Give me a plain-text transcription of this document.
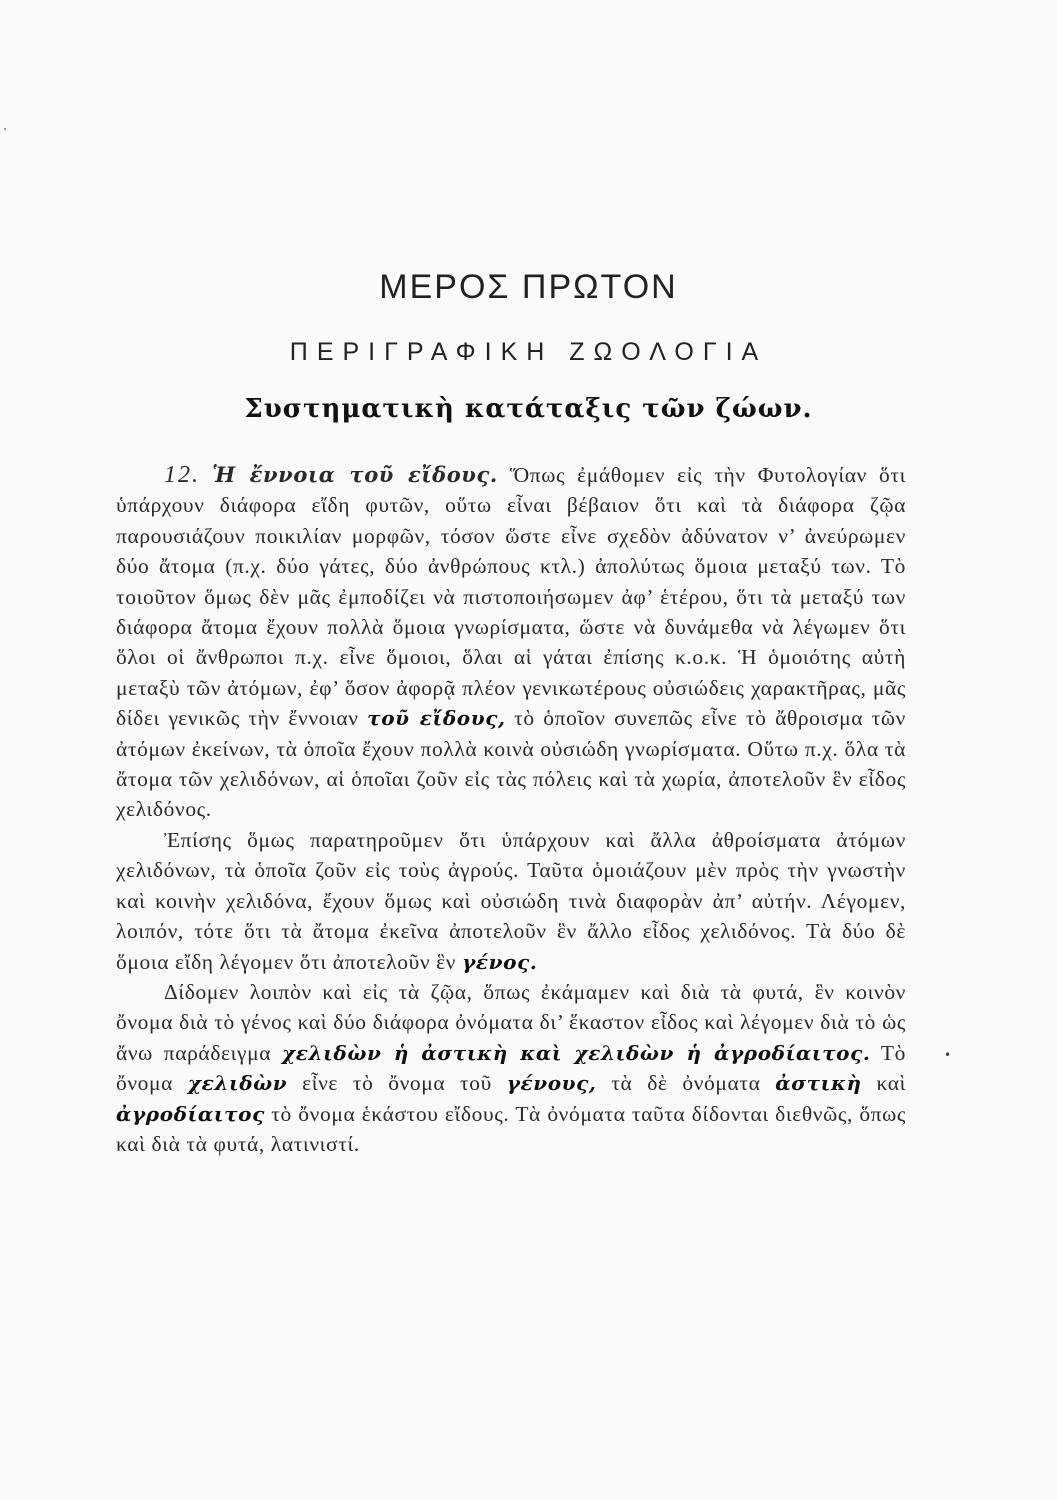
ΜΕΡΟΣ ΠΡΩΤΟΝ
ΠΕΡΙΓΡΑΦΙΚΗ ΖΩΟΛΟΓΙΑ
Συστηματικὴ κατάταξις τῶν ζώων.

12. Ἡ ἔννοια τοῦ εἴδους. Ὅπως ἐμάθομεν εἰς τὴν Φυτολογίαν ὅτι ὑπάρχουν διάφορα εἴδη φυτῶν, οὕτω εἶναι βέβαιον ὅτι καὶ τὰ διάφορα ζῷα παρουσιάζουν ποικιλίαν μορφῶν, τόσον ὥστε εἶνε σχεδὸν ἀδύνατον ν’ ἀνεύρωμεν δύο ἄτομα (π.χ. δύο γάτες, δύο ἀνθρώπους κτλ.) ἀπολύτως ὅμοια μεταξύ των. Τὸ τοιοῦτον ὅμως δὲν μᾶς ἐμποδίζει νὰ πιστοποιήσωμεν ἀφ’ ἑτέρου, ὅτι τὰ μεταξύ των διάφορα ἄτομα ἔχουν πολλὰ ὅμοια γνωρίσματα, ὥστε νὰ δυνάμεθα νὰ λέγωμεν ὅτι ὅλοι οἱ ἄνθρωποι π.χ. εἶνε ὅμοιοι, ὅλαι αἱ γάται ἐπίσης κ.ο.κ. Ἡ ὁμοιότης αὐτὴ μεταξὺ τῶν ἀτόμων, ἐφ’ ὅσον ἀφορᾷ πλέον γενικωτέρους οὐσιώδεις χαρακτῆρας, μᾶς δίδει γενικῶς τὴν ἔννοιαν τοῦ εἴδους, τὸ ὁποῖον συνεπῶς εἶνε τὸ ἄθροισμα τῶν ἀτόμων ἐκείνων, τὰ ὁποῖα ἔχουν πολλὰ κοινὰ οὐσιώδη γνωρίσματα. Οὕτω π.χ. ὅλα τὰ ἄτομα τῶν χελιδόνων, αἱ ὁποῖαι ζοῦν εἰς τὰς πόλεις καὶ τὰ χωρία, ἀποτελοῦν ἓν εἶδος χελιδόνος.

Ἐπίσης ὅμως παρατηροῦμεν ὅτι ὑπάρχουν καὶ ἄλλα ἀθροίσματα ἀτόμων χελιδόνων, τὰ ὁποῖα ζοῦν εἰς τοὺς ἀγρούς. Ταῦτα ὁμοιάζουν μὲν πρὸς τὴν γνωστὴν καὶ κοινὴν χελιδόνα, ἔχουν ὅμως καὶ οὐσιώδη τινὰ διαφορὰν ἀπ’ αὐτήν. Λέγομεν, λοιπόν, τότε ὅτι τὰ ἄτομα ἐκεῖνα ἀποτελοῦν ἓν ἄλλο εἶδος χελιδόνος. Τὰ δύο δὲ ὅμοια εἴδη λέγομεν ὅτι ἀποτελοῦν ἓν γένος.

Δίδομεν λοιπὸν καὶ εἰς τὰ ζῷα, ὅπως ἐκάμαμεν καὶ διὰ τὰ φυτά, ἓν κοινὸν ὄνομα διὰ τὸ γένος καὶ δύο διάφορα ὀνόματα δι’ ἕκαστον εἶδος καὶ λέγομεν διὰ τὸ ὡς ἄνω παράδειγμα χελιδὼν ἡ ἀστικὴ καὶ χελιδὼν ἡ ἀγροδίαιτος. Τὸ ὄνομα χελιδὼν εἶνε τὸ ὄνομα τοῦ γένους, τὰ δὲ ὀνόματα ἀστικὴ καὶ ἀγροδίαιτος τὸ ὄνομα ἑκάστου εἴδους. Τὰ ὀνόματα ταῦτα δίδονται διεθνῶς, ὅπως καὶ διὰ τὰ φυτά, λατινιστί.

•
